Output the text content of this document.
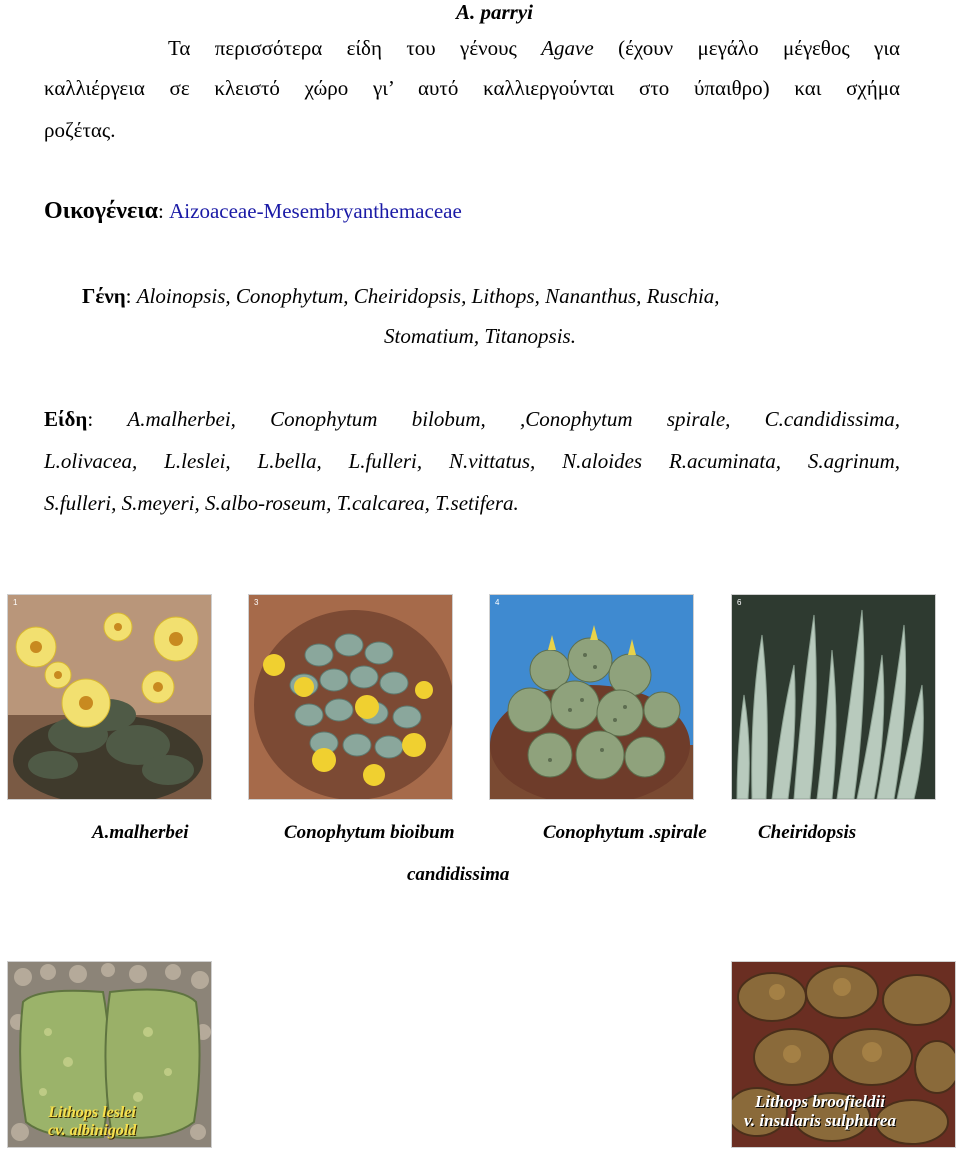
A. parryi
Τα περισσότερα είδη του γένους Agave (έχουν μεγάλο μέγεθος για
καλλιέργεια σε κλειστό χώρο γι’ αυτό καλλιεργούνται στο ύπαιθρο) και σχήμα
ροζέτας.
Οικογένεια: Aizoaceae-Mesembryanthemaceae
Γένη: Aloinopsis, Conophytum, Cheiridopsis, Lithops, Nananthus, Ruschia,
Stomatium, Titanopsis.
Είδη: A.malherbei, Conophytum bilobum, ,Conophytum spirale, C.candidissima,
L.olivacea, L.leslei, L.bella, L.fulleri, N.vittatus, N.aloides R.acuminata, S.agrinum,
S.fulleri, S.meyeri, S.albo-roseum, T.calcarea, T.setifera.
1	3	4	6
A.malherbei	Conophytum bioibum	Conophytum .spirale	Cheiridopsis
candidissima
Lithops leslei
cv. albinigold
Lithops broofieldii
v. insularis sulphurea
